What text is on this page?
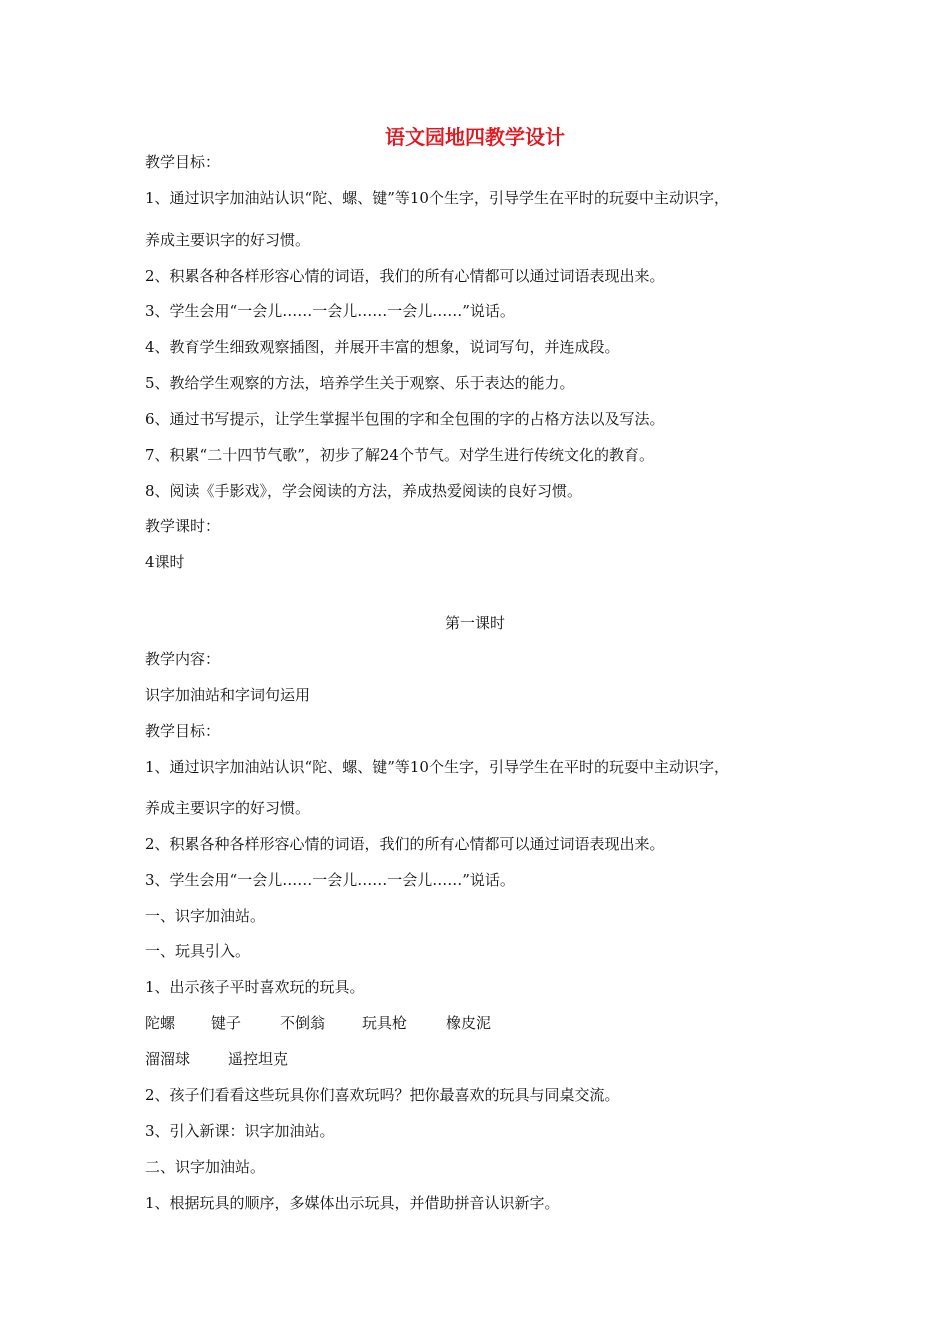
语文园地四教学设计
教学目标：
1、通过识字加油站认识“陀、螺、键”等10个生字，引导学生在平时的玩耍中主动识字，
养成主要识字的好习惯。
2、积累各种各样形容心情的词语，我们的所有心情都可以通过词语表现出来。
3、学生会用“一会儿……一会儿……一会儿……”说话。
4、教育学生细致观察插图，并展开丰富的想象，说词写句，并连成段。
5、教给学生观察的方法，培养学生关于观察、乐于表达的能力。
6、通过书写提示，让学生掌握半包围的字和全包围的字的占格方法以及写法。
7、积累“二十四节气歌”，初步了解24个节气。对学生进行传统文化的教育。
8、阅读《手影戏》，学会阅读的方法，养成热爱阅读的良好习惯。
教学课时：
4课时
第一课时
教学内容：
识字加油站和字词句运用
教学目标：
1、通过识字加油站认识“陀、螺、键”等10个生字，引导学生在平时的玩耍中主动识字，
养成主要识字的好习惯。
2、积累各种各样形容心情的词语，我们的所有心情都可以通过词语表现出来。
3、学生会用“一会儿……一会儿……一会儿……”说话。
一、识字加油站。
一、玩具引入。
1、出示孩子平时喜欢玩的玩具。
陀螺 键子	不倒翁 玩具枪	橡皮泥
溜溜球	遥控坦克
2、孩子们看看这些玩具你们喜欢玩吗？把你最喜欢的玩具与同桌交流。
3、引入新课：识字加油站。
二、识字加油站。
1、根据玩具的顺序，多媒体出示玩具，并借助拼音认识新字。
